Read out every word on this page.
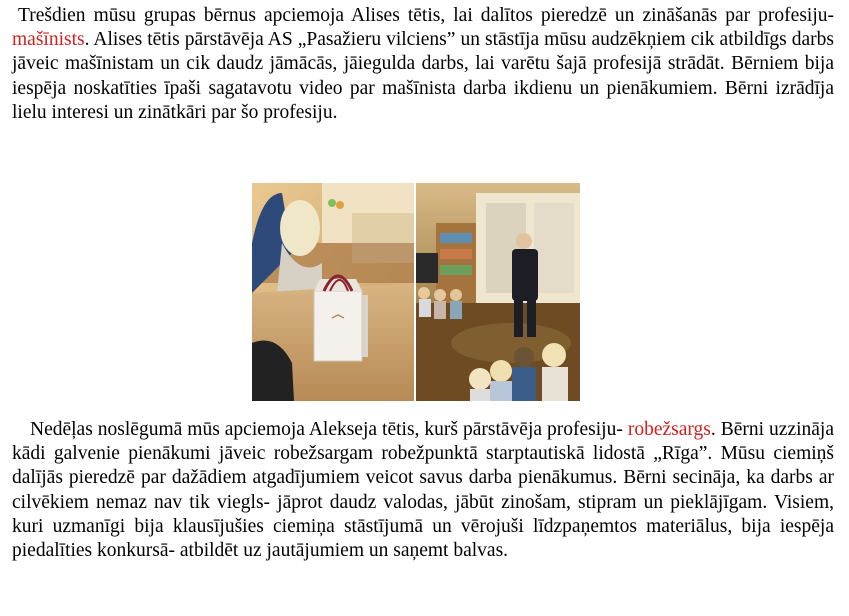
Trešdien mūsu grupas bērnus apciemoja Alises tētis, lai dalītos pieredzē un zināšanās par profesiju- mašīnists. Alises tētis pārstāvēja AS „Pasažieru vilciens” un stāstīja mūsu audzēkņiem cik atbildīgs darbs jāveic mašīnistam un cik daudz jāmācās, jāiegulda darbs, lai varētu šajā profesijā strādāt. Bērniem bija iespēja noskatīties īpaši sagatavotu video par mašīnista darba ikdienu un pienākumiem. Bērni izrādīja lielu interesi un zinātkāri par šo profesiju.

Nedēļas noslēgumā mūs apciemoja Alekseja tētis, kurš pārstāvēja profesiju- robežsargs. Bērni uzzināja kādi galvenie pienākumi jāveic robežsargam robežpunktā starptautiskā lidostā „Rīga”. Mūsu ciemiņš dalījās pieredzē par dažādiem atgadījumiem veicot savus darba pienākumus. Bērni secināja, ka darbs ar cilvēkiem nemaz nav tik viegls- jāprot daudz valodas, jābūt zinošam, stipram un pieklājīgam. Visiem, kuri uzmanīgi bija klausījušies ciemiņa stāstījumā un vērojuši līdzpaņemtos materiālus, bija iespēja piedalīties konkursā- atbildēt uz jautājumiem un saņemt balvas.
